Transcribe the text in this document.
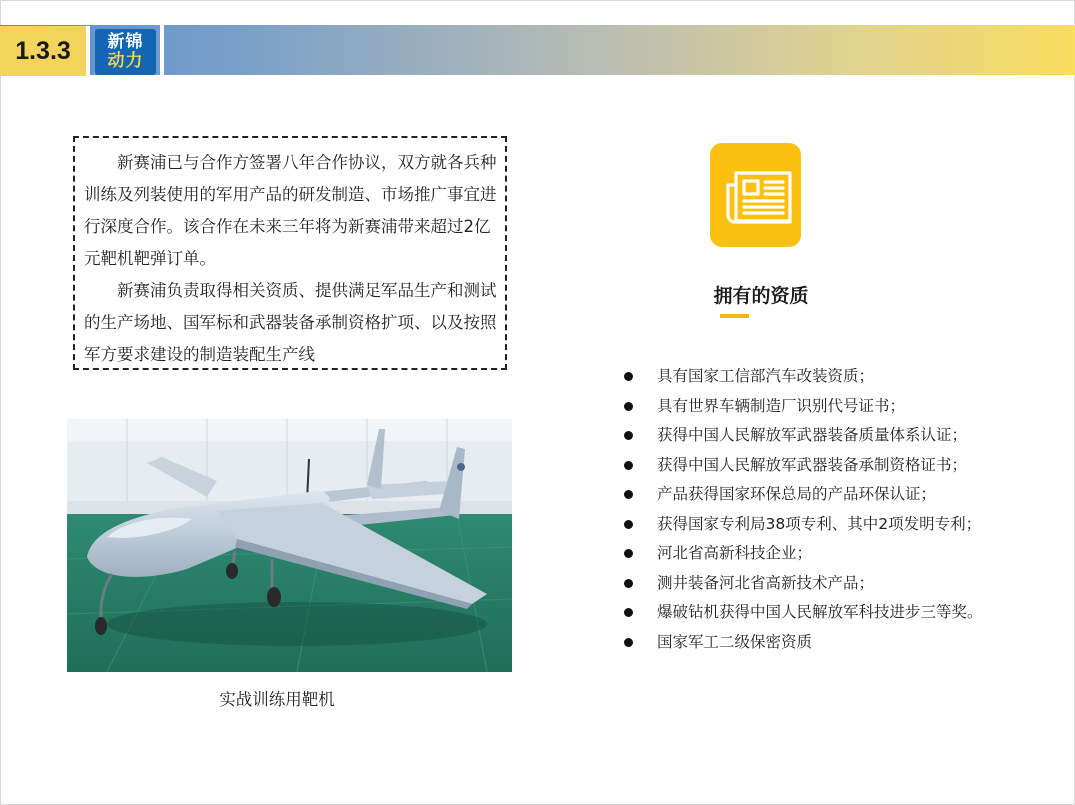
1.3.3	新锦
动力

新赛浦已与合作方签署八年合作协议，双方就各兵种训练及列装使用的军用产品的研发制造、市场推广事宜进行深度合作。该合作在未来三年将为新赛浦带来超过2亿元靶机靶弹订单。

新赛浦负责取得相关资质、提供满足军品生产和测试的生产场地、国军标和武器装备承制资格扩项、以及按照军方要求建设的制造装配生产线

实战训练用靶机
拥有的资质
具有国家工信部汽车改装资质；
具有世界车辆制造厂识别代号证书；
获得中国人民解放军武器装备质量体系认证；
获得中国人民解放军武器装备承制资格证书；
产品获得国家环保总局的产品环保认证；
获得国家专利局38项专利、其中2项发明专利；
河北省高新科技企业；
测井装备河北省高新技术产品；
爆破钻机获得中国人民解放军科技进步三等奖。
国家军工二级保密资质
